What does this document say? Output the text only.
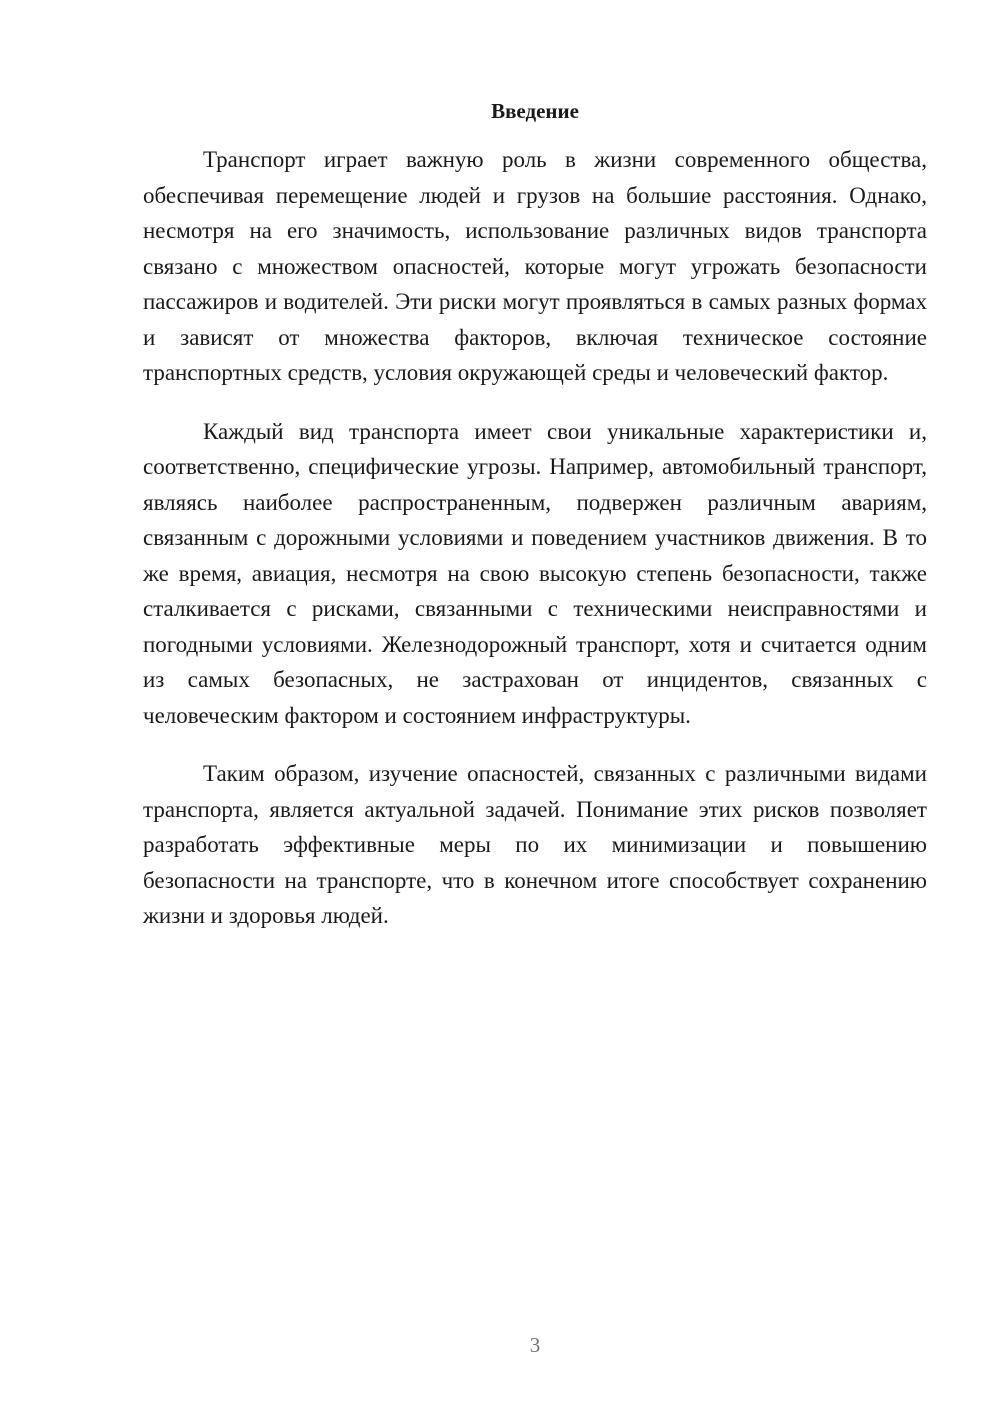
Введение

Транспорт играет важную роль в жизни современного общества, обеспечивая перемещение людей и грузов на большие расстояния. Однако, несмотря на его значимость, использование различных видов транспорта связано с множеством опасностей, которые могут угрожать безопасности пассажиров и водителей. Эти риски могут проявляться в самых разных формах и зависят от множества факторов, включая техническое состояние транспортных средств, условия окружающей среды и человеческий фактор.

Каждый вид транспорта имеет свои уникальные характеристики и, соответственно, специфические угрозы. Например, автомобильный транспорт, являясь наиболее распространенным, подвержен различным авариям, связанным с дорожными условиями и поведением участников движения. В то же время, авиация, несмотря на свою высокую степень безопасности, также сталкивается с рисками, связанными с техническими неисправностями и погодными условиями. Железнодорожный транспорт, хотя и считается одним из самых безопасных, не застрахован от инцидентов, связанных с человеческим фактором и состоянием инфраструктуры.

Таким образом, изучение опасностей, связанных с различными видами транспорта, является актуальной задачей. Понимание этих рисков позволяет разработать эффективные меры по их минимизации и повышению безопасности на транспорте, что в конечном итоге способствует сохранению жизни и здоровья людей.

3
